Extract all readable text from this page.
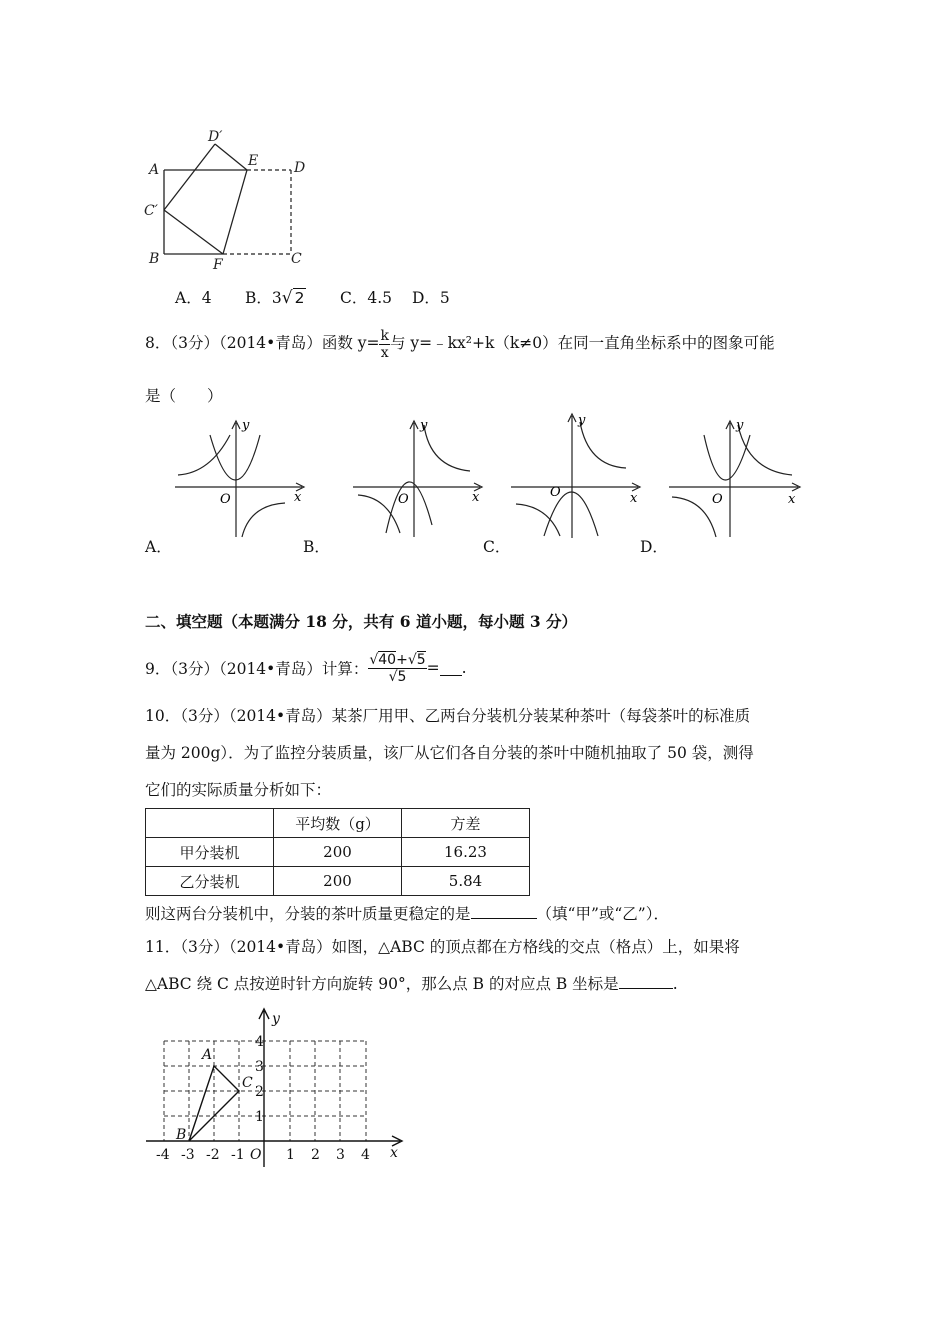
A
B
C′
D′
E	D
F	C
A．4 B．3√ 2 C．4.5 D．5
8．（3分）（2014•青岛）函数 $y= \frac{k}{x}$ 与 y=﹣kx²+k（k≠0）在同一直角坐标系中的图象可能
是（　　）
y
x
O
y
x
O
y
x
O
y
x
O
A．	B．	C．	D．
二、填空题（本题满分 18 分，共有 6 道小题，每小题 3 分）
9．（3分）（2014•青岛）计算： $\frac{√40+√5}{√5}$ = .
10．（3分）（2014•青岛）某茶厂用甲、乙两台分装机分装某种茶叶（每袋茶叶的标准质
量为 200g）．为了监控分装质量，该厂从它们各自分装的茶叶中随机抽取了 50 袋，测得
它们的实际质量分析如下：
	平均数（g）	方差
甲分装机	200	16.23
乙分装机	200	5.84
则这两台分装机中，分装的茶叶质量更稳定的是	（填“甲”或“乙”）．
11．（3分）（2014•青岛）如图，△ABC 的顶点都在方格线的交点（格点）上，如果将
△ABC 绕 C 点按逆时针方向旋转 90°，那么点 B 的对应点 B 坐标是	.
-4 -3 -2 -1	1 2 3 4
1
2
3
4
O	x
y
A
B
C
